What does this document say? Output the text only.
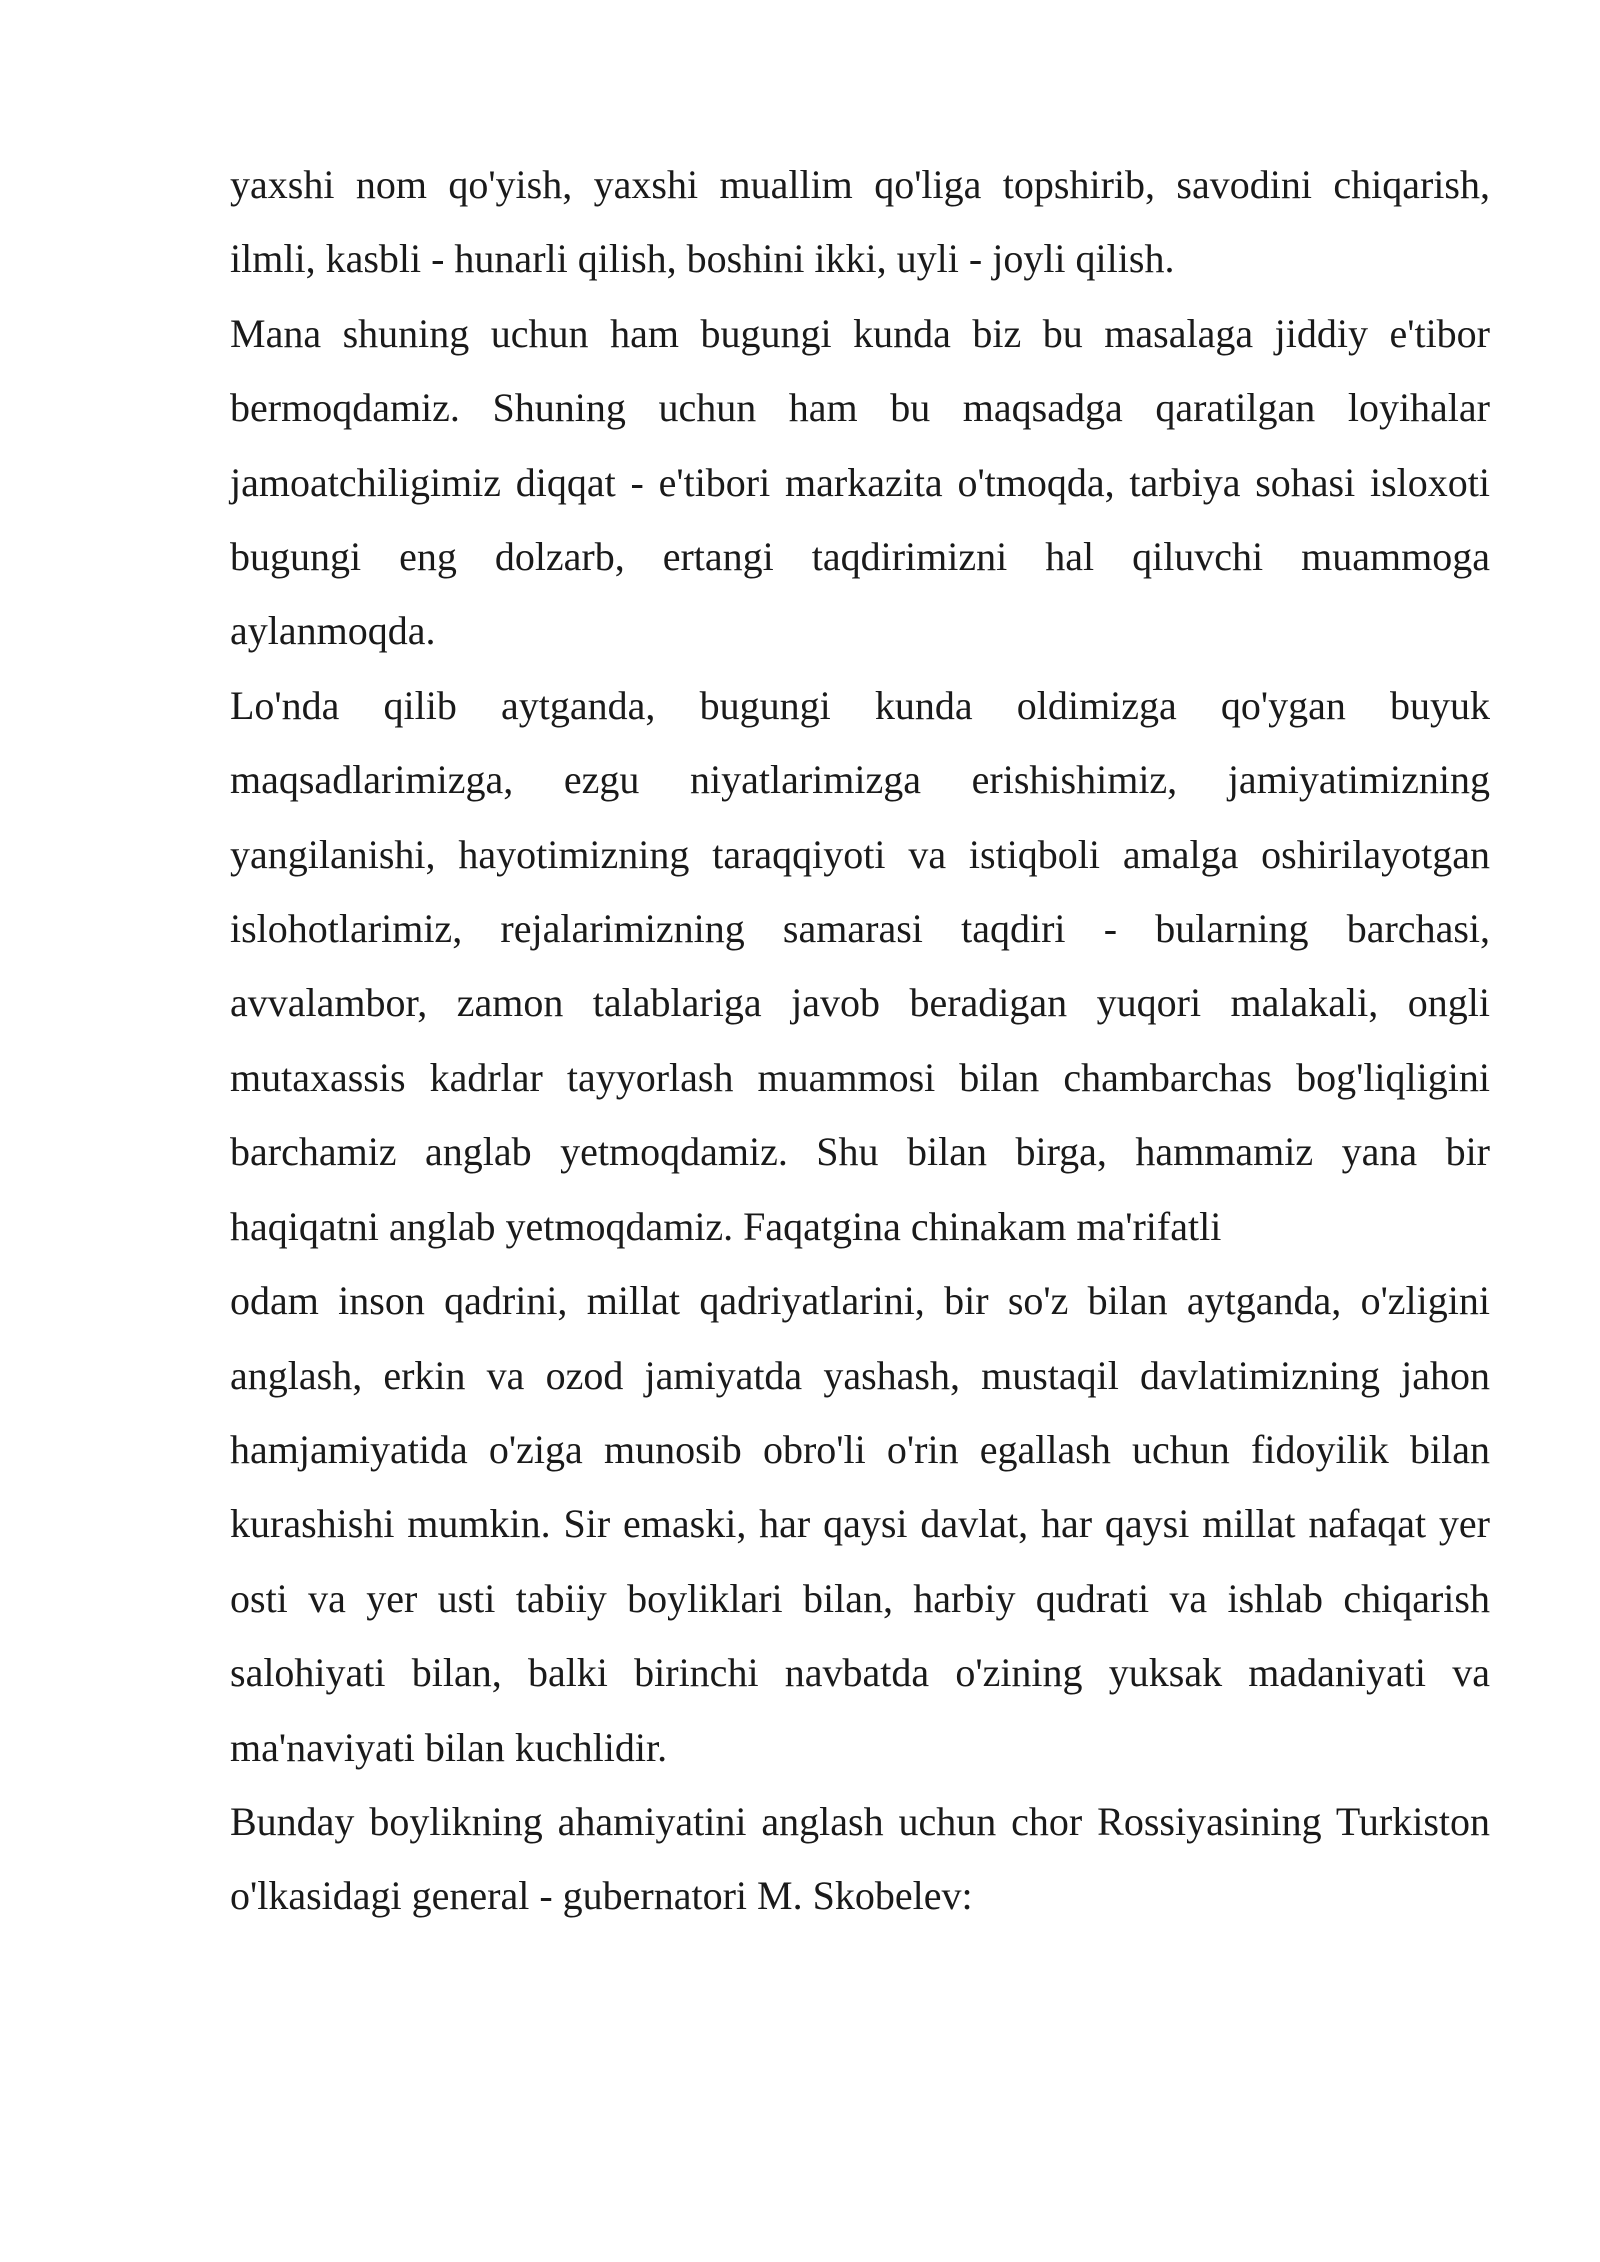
yaxshi nom qo'yish, yaxshi muallim qo'liga topshirib, savodini chiqarish, ilmli, kasbli - hunarli qilish, boshini ikki, uyli - joyli qilish.

Mana shuning uchun ham bugungi kunda biz bu masalaga jiddiy e'tibor bermoqdamiz. Shuning uchun ham bu maqsadga qaratilgan loyihalar jamoatchiligimiz diqqat - e'tibori markazita o'tmoqda, tarbiya sohasi isloxoti bugungi eng dolzarb, ertangi taqdirimizni hal qiluvchi muammoga aylanmoqda.

Lo'nda qilib aytganda, bugungi kunda oldimizga qo'ygan buyuk maqsadlarimizga, ezgu niyatlarimizga erishishimiz, jamiyatimizning yangilanishi, hayotimizning taraqqiyoti va istiqboli amalga oshirilayotgan islohotlarimiz, rejalarimizning samarasi taqdiri - bularning barchasi, avvalambor, zamon talablariga javob beradigan yuqori malakali, ongli mutaxassis kadrlar tayyorlash muammosi bilan chambarchas bog'liqligini barchamiz anglab yetmoqdamiz. Shu bilan birga, hammamiz yana bir haqiqatni anglab yetmoqdamiz. Faqatgina chinakam ma'rifatli

odam inson qadrini, millat qadriyatlarini, bir so'z bilan aytganda, o'zligini anglash, erkin va ozod jamiyatda yashash, mustaqil davlatimizning jahon hamjamiyatida o'ziga munosib obro'li o'rin egallash uchun fidoyilik bilan kurashishi mumkin. Sir emaski, har qaysi davlat, har qaysi millat nafaqat yer osti va yer usti tabiiy boyliklari bilan, harbiy qudrati va ishlab chiqarish salohiyati bilan, balki birinchi navbatda o'zining yuksak madaniyati va ma'naviyati bilan kuchlidir.

Bunday boylikning ahamiyatini anglash uchun chor Rossiyasining Turkiston o'lkasidagi general - gubernatori M. Skobelev:
